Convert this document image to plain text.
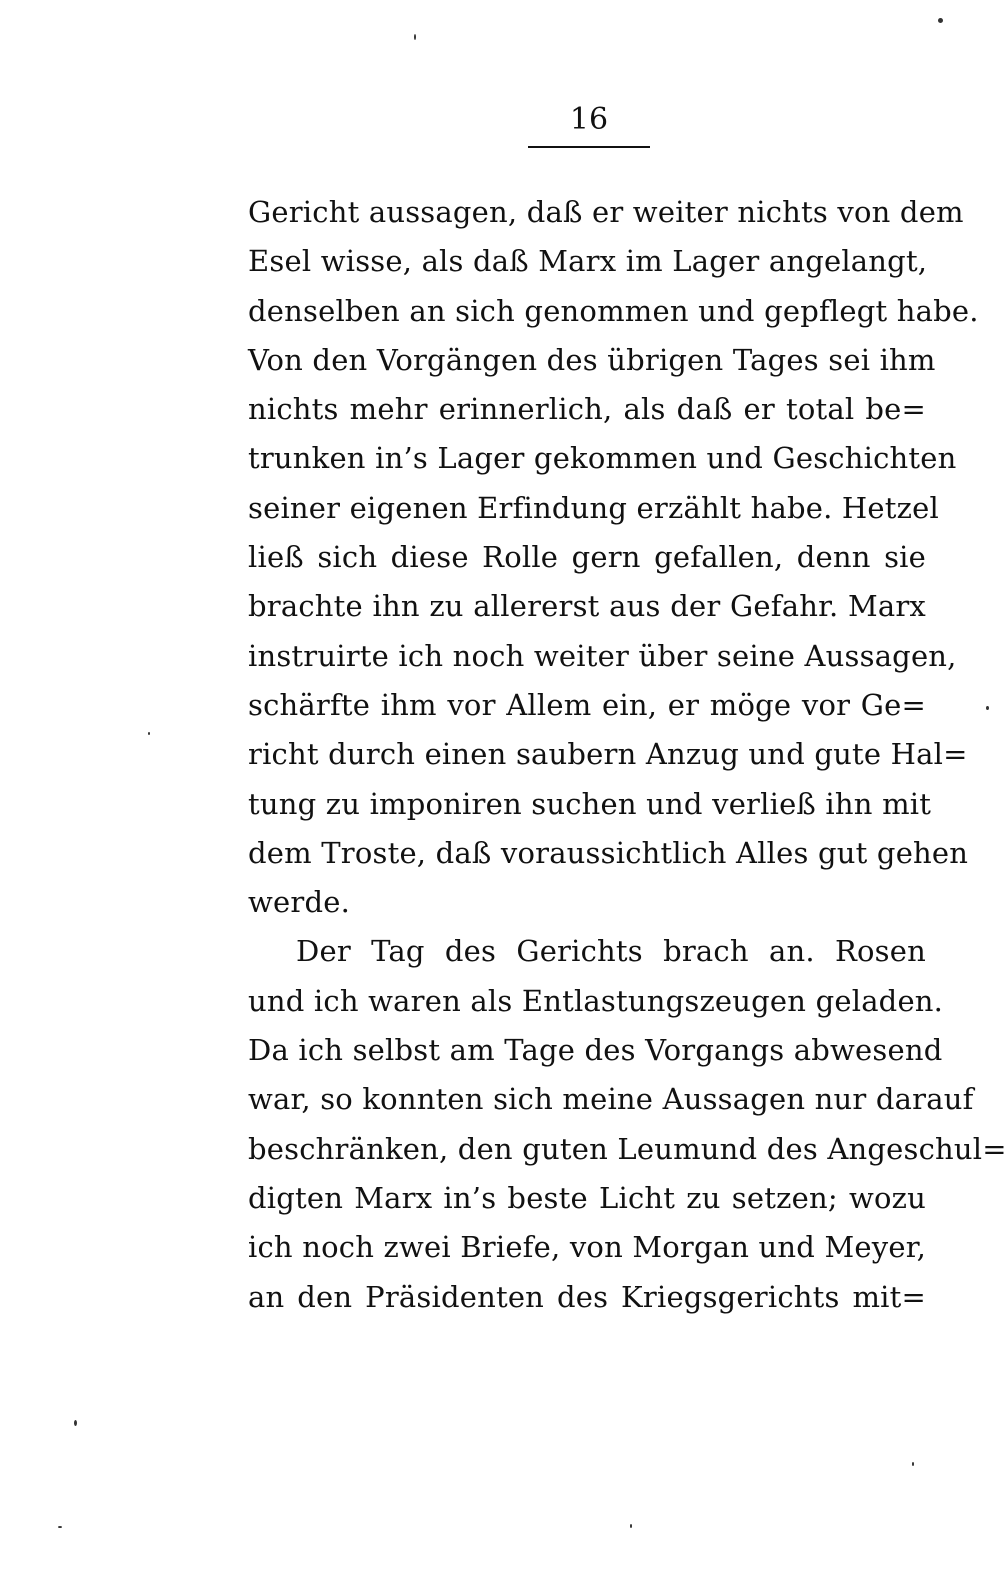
16
Gericht aussagen, daß er weiter nichts von dem
Esel wisse, als daß Marx im Lager angelangt,
denselben an sich genommen und gepflegt habe.
Von den Vorgängen des übrigen Tages sei ihm
nichts mehr erinnerlich, als daß er total be=
trunken in’s Lager gekommen und Geschichten
seiner eigenen Erfindung erzählt habe. Hetzel
ließ sich diese Rolle gern gefallen, denn sie
brachte ihn zu allererst aus der Gefahr. Marx
instruirte ich noch weiter über seine Aussagen,
schärfte ihm vor Allem ein, er möge vor Ge=
richt durch einen saubern Anzug und gute Hal=
tung zu imponiren suchen und verließ ihn mit
dem Troste, daß voraussichtlich Alles gut gehen
werde.
Der Tag des Gerichts brach an. Rosen
und ich waren als Entlastungszeugen geladen.
Da ich selbst am Tage des Vorgangs abwesend
war, so konnten sich meine Aussagen nur darauf
beschränken, den guten Leumund des Angeschul=
digten Marx in’s beste Licht zu setzen; wozu
ich noch zwei Briefe, von Morgan und Meyer,
an den Präsidenten des Kriegsgerichts mit=
